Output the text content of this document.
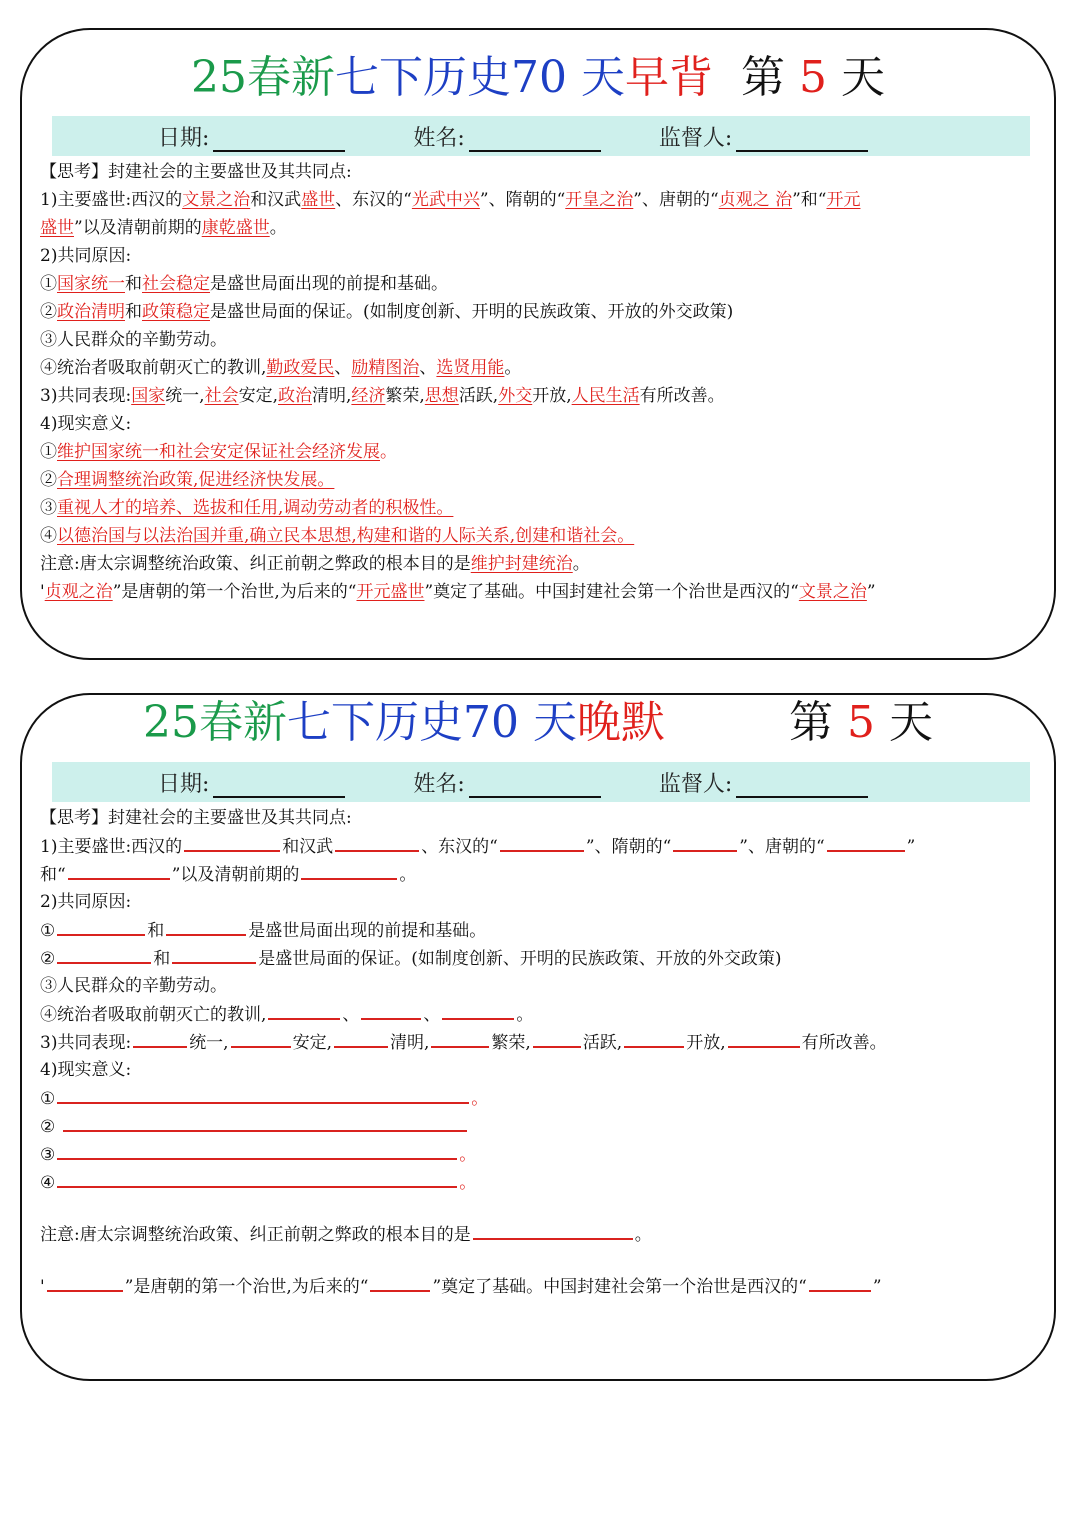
25春新七下历史70 天早背 第 5 天
日期:	姓名:	监督人:
【思考】封建社会的主要盛世及其共同点:
1)主要盛世:西汉的文景之治和汉武盛世、东汉的“光武中兴”、隋朝的“开皇之治”、唐朝的“贞观之 治”和“开元
盛世”以及清朝前期的康乾盛世。
2)共同原因:
①国家统一和社会稳定是盛世局面出现的前提和基础。
②政治清明和政策稳定是盛世局面的保证。(如制度创新、开明的民族政策、开放的外交政策)
③人民群众的辛勤劳动。
④统治者吸取前朝灭亡的教训,勤政爱民、励精图治、选贤用能。
3)共同表现:国家统一,社会安定,政治清明,经济繁荣,思想活跃,外交开放,人民生活有所改善。
4)现实意义:
①维护国家统一和社会安定保证社会经济发展。
②合理调整统治政策,促进经济快发展。
③重视人才的培养、选拔和任用,调动劳动者的积极性。
④以德治国与以法治国并重,确立民本思想,构建和谐的人际关系,创建和谐社会。
注意:唐太宗调整统治政策、纠正前朝之弊政的根本目的是维护封建统治。
'贞观之治”是唐朝的第一个治世,为后来的“开元盛世”奠定了基础。中国封建社会第一个治世是西汉的“文景之治”
25春新七下历史70 天晚默	第 5 天
日期:	姓名:	监督人:
【思考】封建社会的主要盛世及其共同点:
1)主要盛世:西汉的	和汉武	、东汉的“	”、隋朝的“	”、唐朝的“	”
和“	”以及清朝前期的	。
2)共同原因:
①	和	是盛世局面出现的前提和基础。
②	和	是盛世局面的保证。(如制度创新、开明的民族政策、开放的外交政策)
③人民群众的辛勤劳动。
④统治者吸取前朝灭亡的教训,	、	、	。
3)共同表现:	统一,	安定,	清明,	繁荣,	活跃,	开放,	有所改善。
4)现实意义:
①	。
②
③	。
④	。
注意:唐太宗调整统治政策、纠正前朝之弊政的根本目的是	。
'	”是唐朝的第一个治世,为后来的“	”奠定了基础。中国封建社会第一个治世是西汉的“	”
